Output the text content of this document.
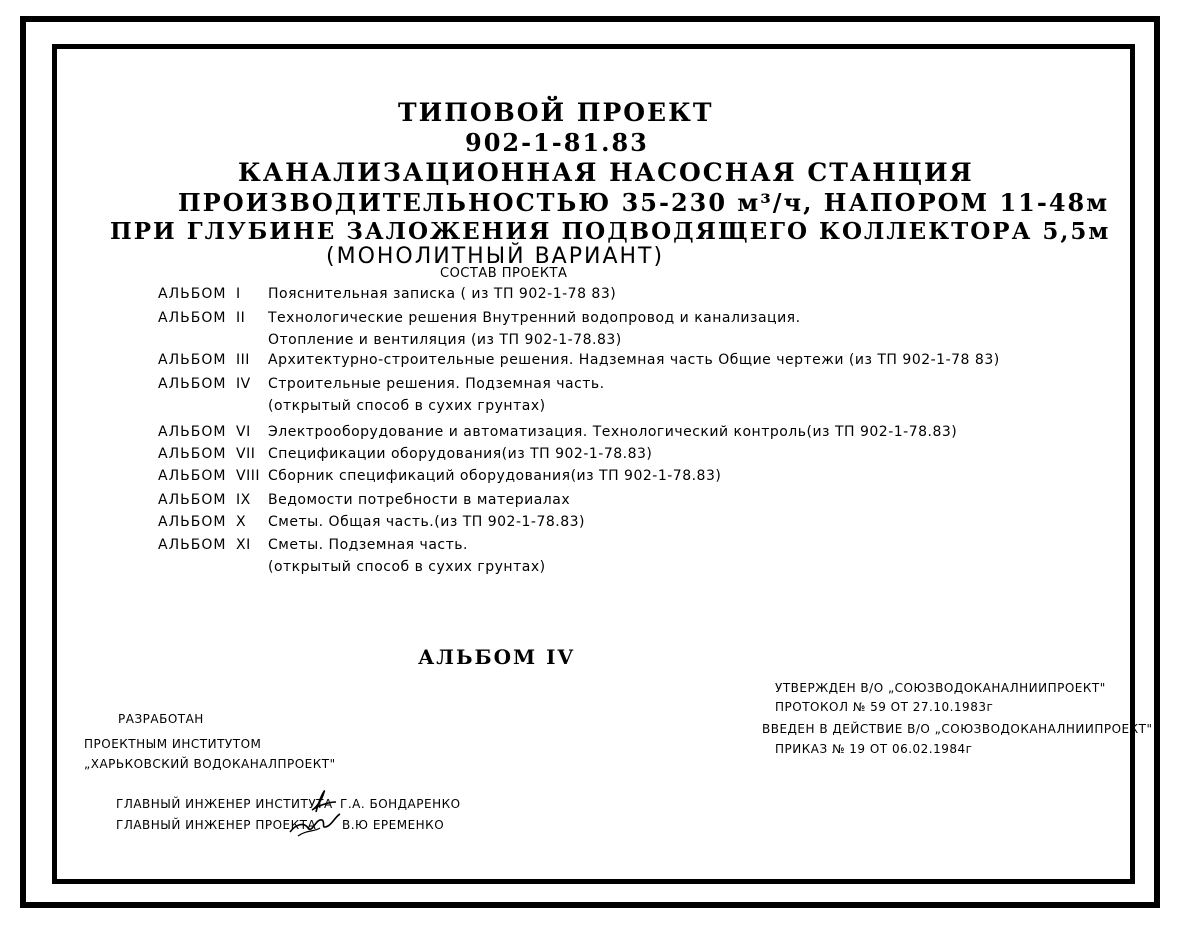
ТИПОВОЙ ПРОЕКТ
902-1-81.83
КАНАЛИЗАЦИОННАЯ НАСОСНАЯ СТАНЦИЯ
ПРОИЗВОДИТЕЛЬНОСТЬЮ 35-230 м³/ч, НАПОРОМ 11-48м
ПРИ ГЛУБИНЕ ЗАЛОЖЕНИЯ ПОДВОДЯЩЕГО КОЛЛЕКТОРА 5,5м
(МОНОЛИТНЫЙ ВАРИАНТ)
СОСТАВ ПРОЕКТА
АЛЬБОМ I Пояснительная записка ( из ТП 902-1-78 83)
АЛЬБОМ II Технологические решения Внутренний водопровод и канализация.
Отопление и вентиляция (из ТП 902-1-78.83)
АЛЬБОМ III Архитектурно-строительные решения. Надземная часть Общие чертежи (из ТП 902-1-78 83)
АЛЬБОМ IV Строительные решения. Подземная часть.
(открытый способ в сухих грунтах)
АЛЬБОМ VI Электрооборудование и автоматизация. Технологический контроль(из ТП 902-1-78.83)
АЛЬБОМ VII Спецификации оборудования(из ТП 902-1-78.83)
АЛЬБОМ VIII Сборник спецификаций оборудования(из ТП 902-1-78.83)
АЛЬБОМ IX Ведомости потребности в материалах
АЛЬБОМ X Сметы. Общая часть.(из ТП 902-1-78.83)
АЛЬБОМ XI Сметы. Подземная часть.
(открытый способ в сухих грунтах)
АЛЬБОМ IV
УТВЕРЖДЕН В/О „СОЮЗВОДОКАНАЛНИИПРОЕКТ"
ПРОТОКОЛ № 59 ОТ 27.10.1983г
ВВЕДЕН В ДЕЙСТВИЕ В/О „СОЮЗВОДОКАНАЛНИИПРОЕКТ"
ПРИКАЗ № 19 ОТ 06.02.1984г
РАЗРАБОТАН
ПРОЕКТНЫМ ИНСТИТУТОМ
„ХАРЬКОВСКИЙ ВОДОКАНАЛПРОЕКТ"
ГЛАВНЫЙ ИНЖЕНЕР ИНСТИТУТА Г.А. БОНДАРЕНКО
ГЛАВНЫЙ ИНЖЕНЕР ПРОЕКТА В.Ю ЕРЕМЕНКО
